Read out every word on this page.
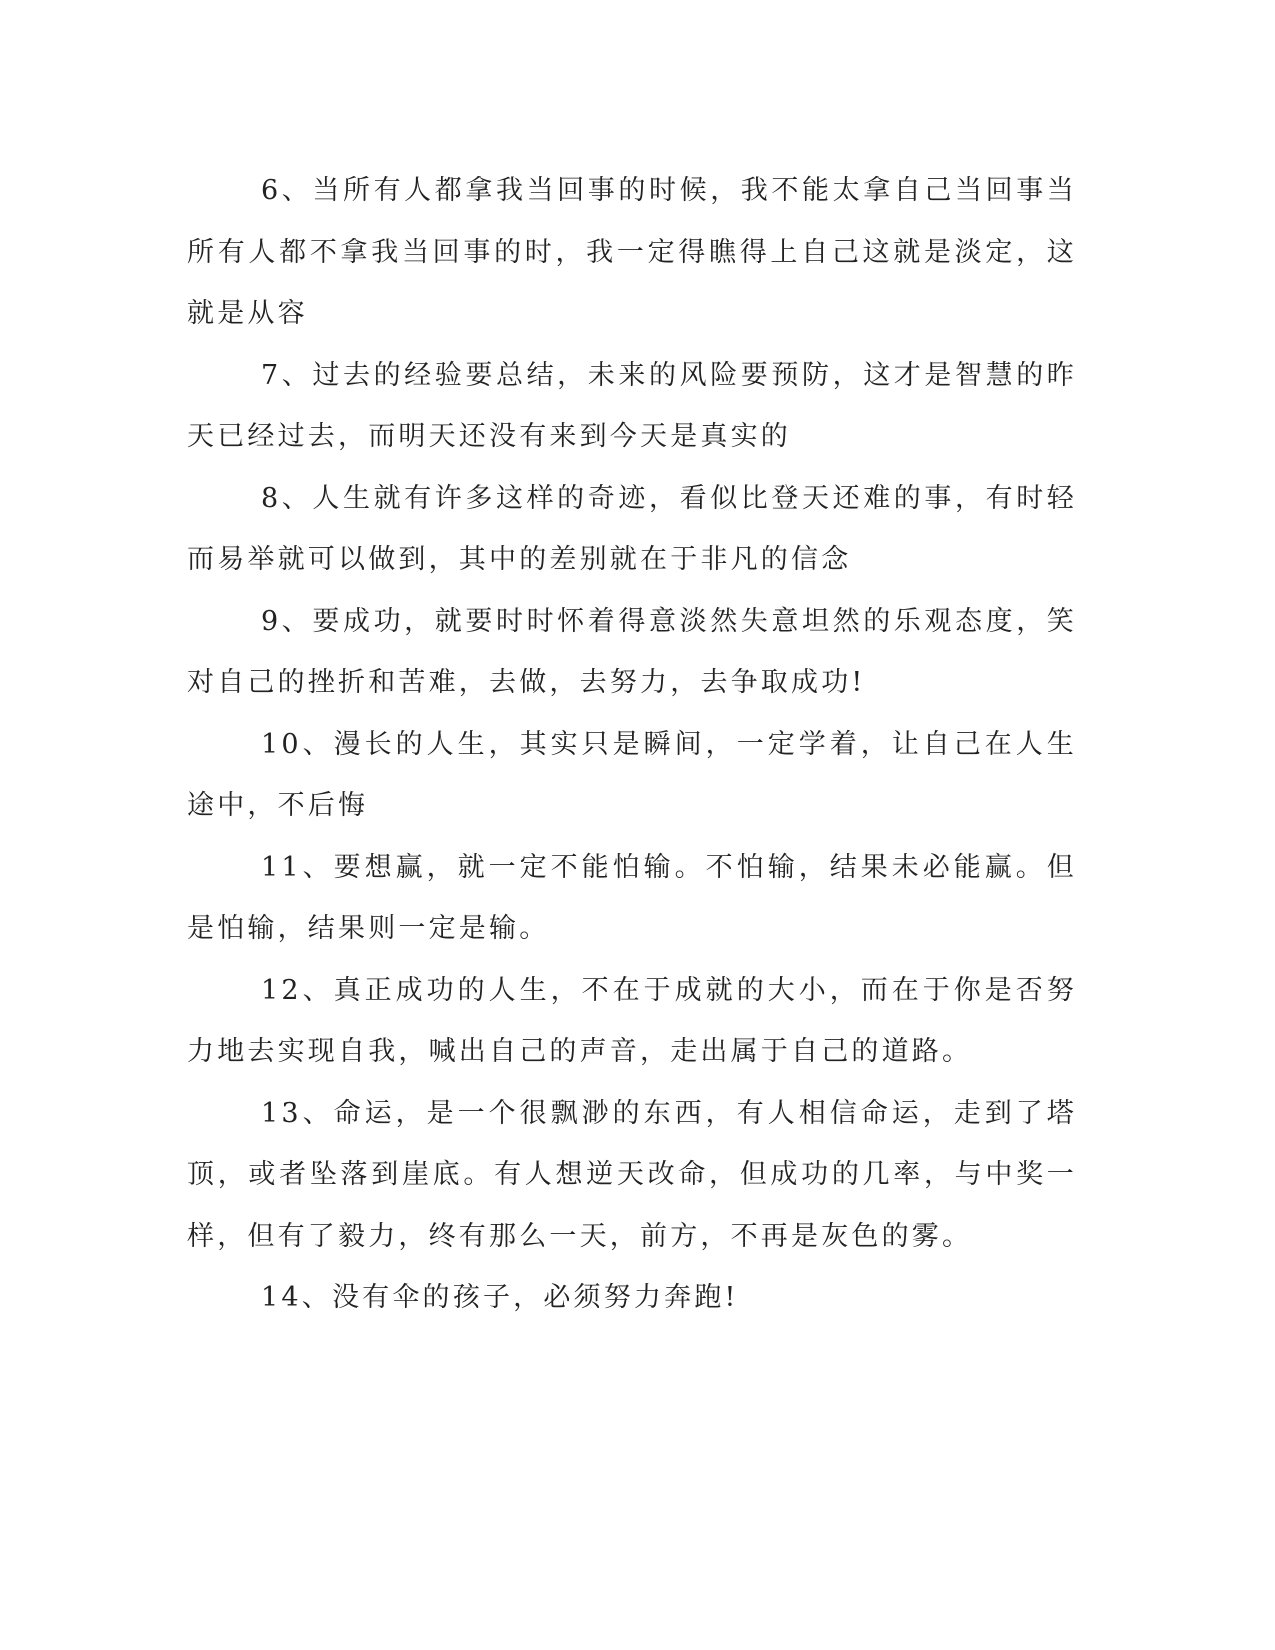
6、当所有人都拿我当回事的时候，我不能太拿自己当回事当所有人都不拿我当回事的时，我一定得瞧得上自己这就是淡定，这就是从容

7、过去的经验要总结，未来的风险要预防，这才是智慧的昨天已经过去，而明天还没有来到今天是真实的

8、人生就有许多这样的奇迹，看似比登天还难的事，有时轻而易举就可以做到，其中的差别就在于非凡的信念

9、要成功，就要时时怀着得意淡然失意坦然的乐观态度，笑对自己的挫折和苦难，去做，去努力，去争取成功!

10、漫长的人生，其实只是瞬间，一定学着，让自己在人生途中，不后悔

11、要想赢，就一定不能怕输。不怕输，结果未必能赢。但是怕输，结果则一定是输。

12、真正成功的人生，不在于成就的大小，而在于你是否努力地去实现自我，喊出自己的声音，走出属于自己的道路。

13、命运，是一个很飘渺的东西，有人相信命运，走到了塔顶，或者坠落到崖底。有人想逆天改命，但成功的几率，与中奖一样，但有了毅力，终有那么一天，前方，不再是灰色的雾。

14、没有伞的孩子，必须努力奔跑!
